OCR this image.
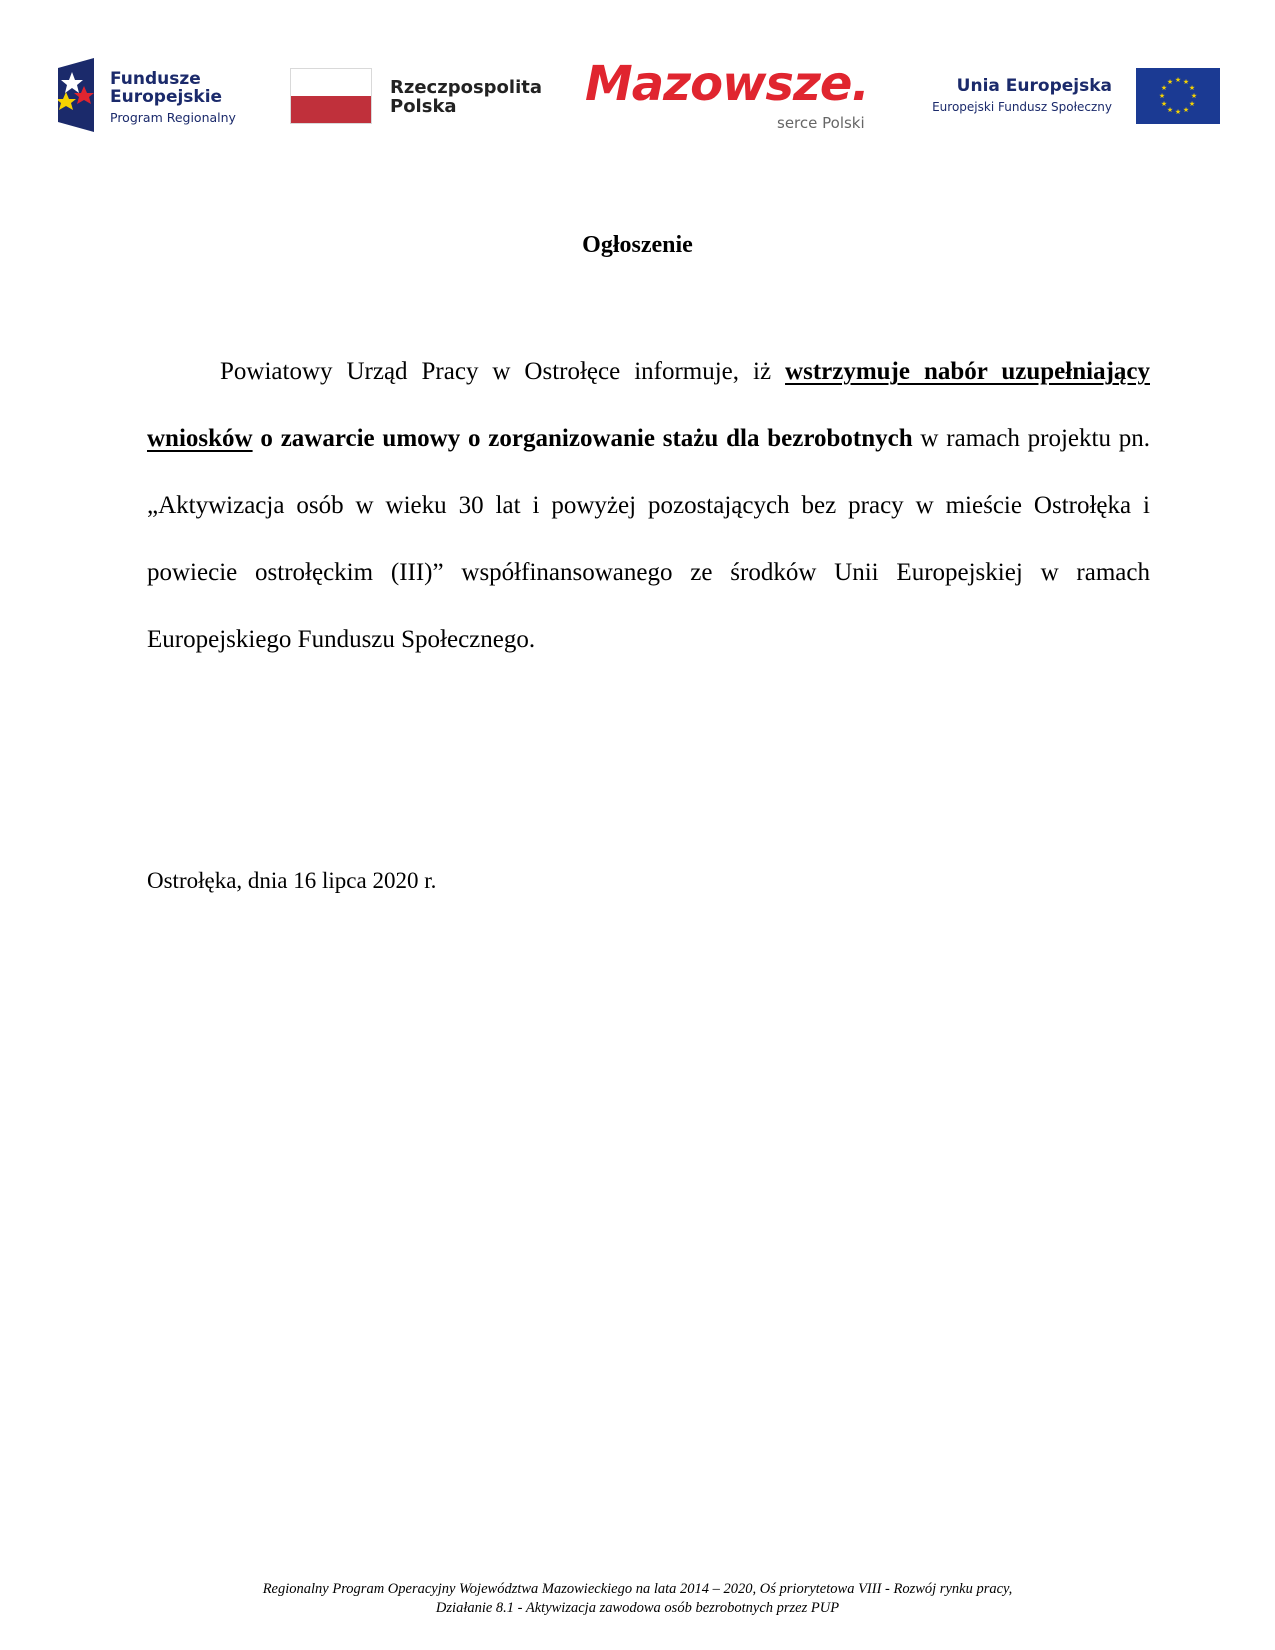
Fundusze
Europejskie
Program Regionalny
Rzeczpospolita
Polska	Mazowsze.
serce Polski
Unia Europejska
Europejski Fundusz Społeczny
★ ★
★
★
★
★
★
★
★
★
★
★
Ogłoszenie
Powiatowy Urząd Pracy w Ostrołęce informuje, iż wstrzymuje nabór uzupełniający wniosków o zawarcie umowy o zorganizowanie stażu dla bezrobotnych w ramach projektu pn. „Aktywizacja osób w wieku 30 lat i powyżej pozostających bez pracy w mieście Ostrołęka i powiecie ostrołęckim (III)” współfinansowanego ze środków Unii Europejskiej w ramach Europejskiego Funduszu Społecznego.
Ostrołęka, dnia 16 lipca 2020 r.
Regionalny Program Operacyjny Województwa Mazowieckiego na lata 2014 – 2020, Oś priorytetowa VIII - Rozwój rynku pracy,
Działanie 8.1 - Aktywizacja zawodowa osób bezrobotnych przez PUP
